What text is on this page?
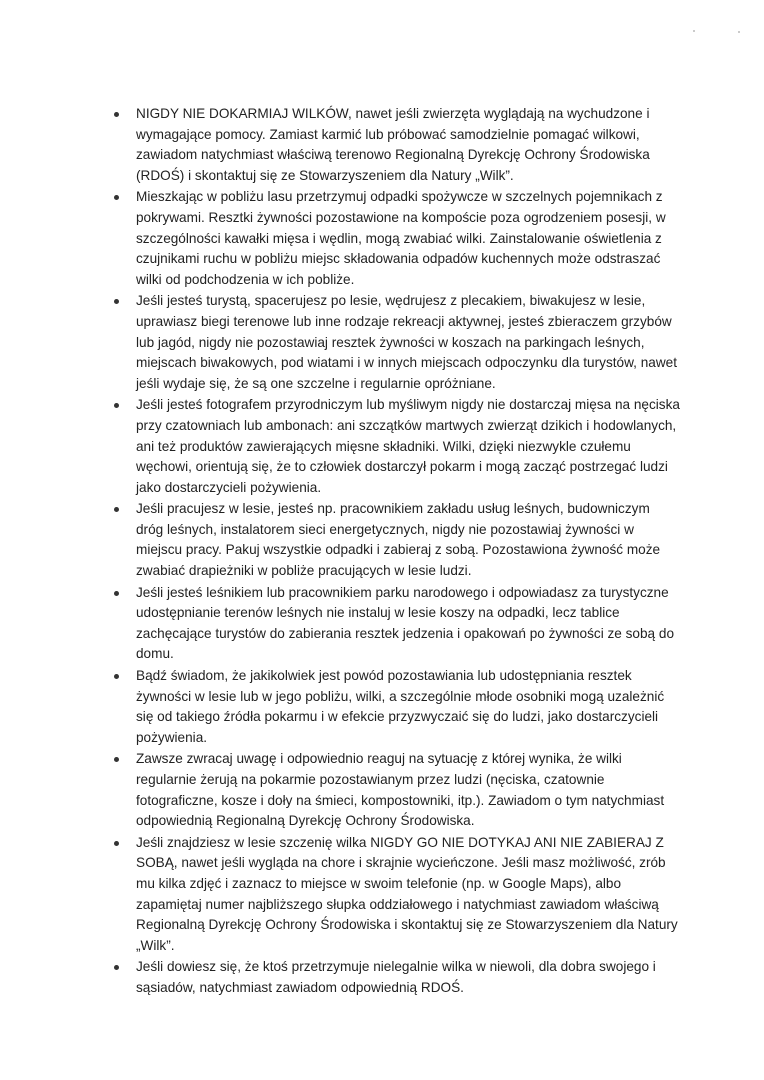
NIGDY NIE DOKARMIAJ WILKÓW, nawet jeśli zwierzęta wyglądają na wychudzone i wymagające pomocy. Zamiast karmić lub próbować samodzielnie pomagać wilkowi, zawiadom natychmiast właściwą terenowo Regionalną Dyrekcję Ochrony Środowiska (RDOŚ) i skontaktuj się ze Stowarzyszeniem dla Natury „Wilk”.
Mieszkając w pobliżu lasu przetrzymuj odpadki spożywcze w szczelnych pojemnikach z pokrywami. Resztki żywności pozostawione na kompoście poza ogrodzeniem posesji, w szczególności kawałki mięsa i wędlin, mogą zwabiać wilki. Zainstalowanie oświetlenia z czujnikami ruchu w pobliżu miejsc składowania odpadów kuchennych może odstraszać wilki od podchodzenia w ich pobliże.
Jeśli jesteś turystą, spacerujesz po lesie, wędrujesz z plecakiem, biwakujesz w lesie, uprawiasz biegi terenowe lub inne rodzaje rekreacji aktywnej, jesteś zbieraczem grzybów lub jagód, nigdy nie pozostawiaj resztek żywności w koszach na parkingach leśnych, miejscach biwakowych, pod wiatami i w innych miejscach odpoczynku dla turystów, nawet jeśli wydaje się, że są one szczelne i regularnie opróżniane.
Jeśli jesteś fotografem przyrodniczym lub myśliwym nigdy nie dostarczaj mięsa na nęciska przy czatowniach lub ambonach: ani szczątków martwych zwierząt dzikich i hodowlanych, ani też produktów zawierających mięsne składniki. Wilki, dzięki niezwykle czułemu węchowi, orientują się, że to człowiek dostarczył pokarm i mogą zacząć postrzegać ludzi jako dostarczycieli pożywienia.
Jeśli pracujesz w lesie, jesteś np. pracownikiem zakładu usług leśnych, budowniczym dróg leśnych, instalatorem sieci energetycznych, nigdy nie pozostawiaj żywności w miejscu pracy. Pakuj wszystkie odpadki i zabieraj z sobą. Pozostawiona żywność może zwabiać drapieżniki w pobliże pracujących w lesie ludzi.
Jeśli jesteś leśnikiem lub pracownikiem parku narodowego i odpowiadasz za turystyczne udostępnianie terenów leśnych nie instaluj w lesie koszy na odpadki, lecz tablice zachęcające turystów do zabierania resztek jedzenia i opakowań po żywności ze sobą do domu.
Bądź świadom, że jakikolwiek jest powód pozostawiania lub udostępniania resztek żywności w lesie lub w jego pobliżu, wilki, a szczególnie młode osobniki mogą uzależnić się od takiego źródła pokarmu i w efekcie przyzwyczaić się do ludzi, jako dostarczycieli pożywienia.
Zawsze zwracaj uwagę i odpowiednio reaguj na sytuację z której wynika, że wilki regularnie żerują na pokarmie pozostawianym przez ludzi (nęciska, czatownie fotograficzne, kosze i doły na śmieci, kompostowniki, itp.). Zawiadom o tym natychmiast odpowiednią Regionalną Dyrekcję Ochrony Środowiska.
Jeśli znajdziesz w lesie szczenię wilka NIGDY GO NIE DOTYKAJ ANI NIE ZABIERAJ Z SOBĄ, nawet jeśli wygląda na chore i skrajnie wycieńczone. Jeśli masz możliwość, zrób mu kilka zdjęć i zaznacz to miejsce w swoim telefonie (np. w Google Maps), albo zapamiętaj numer najbliższego słupka oddziałowego i natychmiast zawiadom właściwą Regionalną Dyrekcję Ochrony Środowiska i skontaktuj się ze Stowarzyszeniem dla Natury „Wilk”.
Jeśli dowiesz się, że ktoś przetrzymuje nielegalnie wilka w niewoli, dla dobra swojego i sąsiadów, natychmiast zawiadom odpowiednią RDOŚ.
